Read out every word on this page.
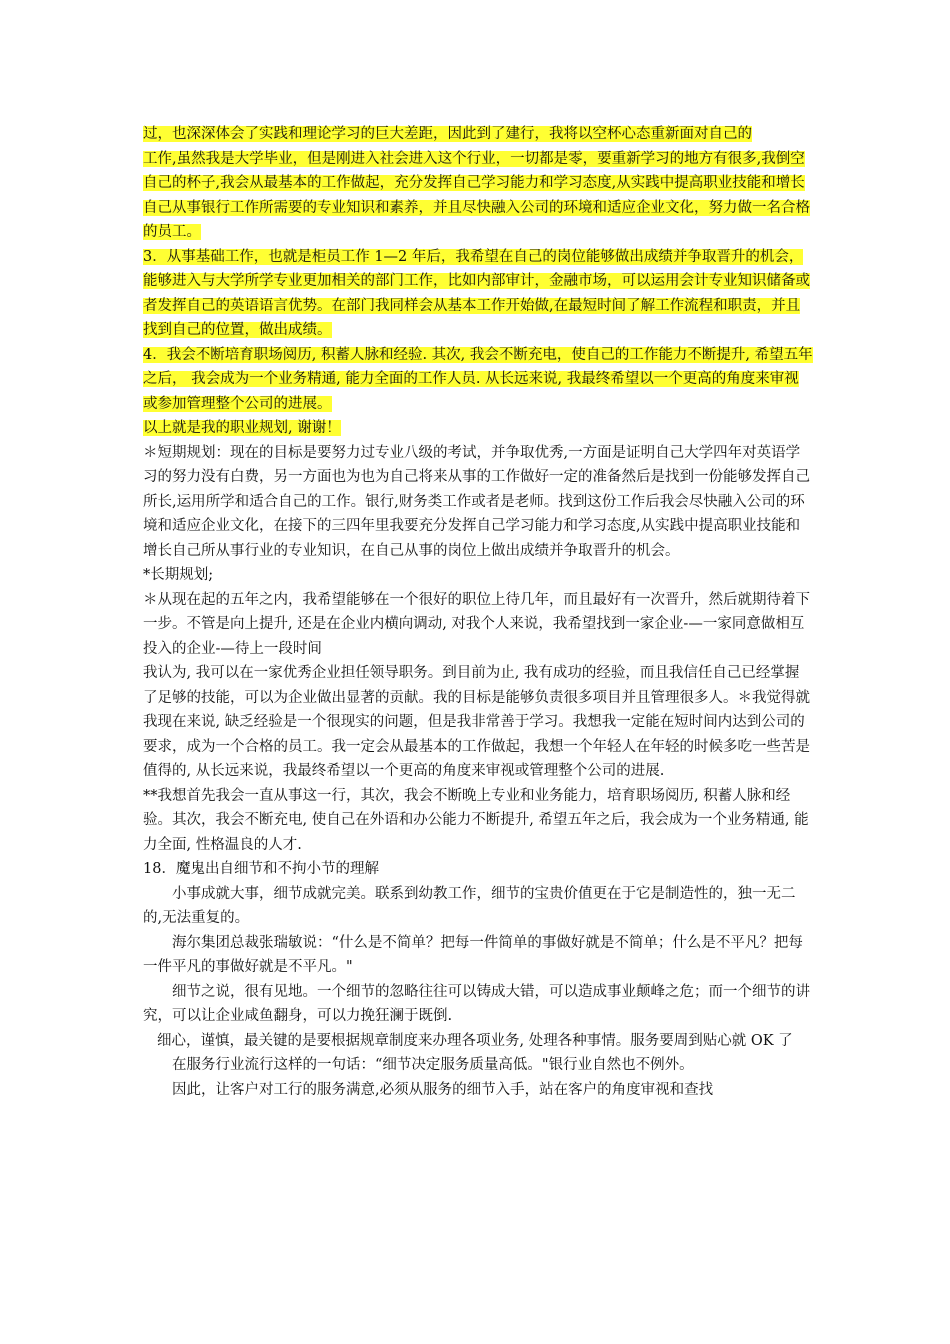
过，也深深体会了实践和理论学习的巨大差距，因此到了建行，我将以空杯心态重新面对自己的

工作,虽然我是大学毕业，但是刚进入社会进入这个行业，一切都是零，要重新学习的地方有很多,我倒空自己的杯子,我会从最基本的工作做起，充分发挥自己学习能力和学习态度,从实践中提高职业技能和增长自己从事银行工作所需要的专业知识和素养，并且尽快融入公司的环境和适应企业文化，努力做一名合格的员工。

3．从事基础工作，也就是柜员工作 1—2 年后，我希望在自己的岗位能够做出成绩并争取晋升的机会，能够进入与大学所学专业更加相关的部门工作，比如内部审计，金融市场，可以运用会计专业知识储备或者发挥自己的英语语言优势。在部门我同样会从基本工作开始做,在最短时间了解工作流程和职责，并且找到自己的位置，做出成绩。

4．我会不断培育职场阅历, 积蓄人脉和经验. 其次, 我会不断充电，使自己的工作能力不断提升, 希望五年之后， 我会成为一个业务精通, 能力全面的工作人员. 从长远来说, 我最终希望以一个更高的角度来审视或参加管理整个公司的进展。

以上就是我的职业规划, 谢谢！

＊短期规划：现在的目标是要努力过专业八级的考试，并争取优秀,一方面是证明自己大学四年对英语学习的努力没有白费，另一方面也为也为自己将来从事的工作做好一定的准备然后是找到一份能够发挥自己所长,运用所学和适合自己的工作。银行,财务类工作或者是老师。找到这份工作后我会尽快融入公司的环境和适应企业文化，在接下的三四年里我要充分发挥自己学习能力和学习态度,从实践中提高职业技能和增长自己所从事行业的专业知识，在自己从事的岗位上做出成绩并争取晋升的机会。

*长期规划;

＊从现在起的五年之内，我希望能够在一个很好的职位上待几年，而且最好有一次晋升，然后就期待着下一步。不管是向上提升, 还是在企业内横向调动, 对我个人来说，我希望找到一家企业-—一家同意做相互投入的企业-—待上一段时间

我认为, 我可以在一家优秀企业担任领导职务。到目前为止, 我有成功的经验，而且我信任自己已经掌握了足够的技能，可以为企业做出显著的贡献。我的目标是能够负责很多项目并且管理很多人。＊我觉得就我现在来说, 缺乏经验是一个很现实的问题，但是我非常善于学习。我想我一定能在短时间内达到公司的要求，成为一个合格的员工。我一定会从最基本的工作做起，我想一个年轻人在年轻的时候多吃一些苦是值得的, 从长远来说，我最终希望以一个更高的角度来审视或管理整个公司的进展.

**我想首先我会一直从事这一行，其次，我会不断晚上专业和业务能力，培育职场阅历, 积蓄人脉和经验。其次，我会不断充电, 使自己在外语和办公能力不断提升, 希望五年之后，我会成为一个业务精通, 能力全面, 性格温良的人才.

18．魔鬼出自细节和不拘小节的理解

小事成就大事，细节成就完美。联系到幼教工作，细节的宝贵价值更在于它是制造性的，独一无二的,无法重复的。

海尔集团总裁张瑞敏说：“什么是不简单？把每一件简单的事做好就是不简单；什么是不平凡？把每一件平凡的事做好就是不平凡。"

细节之说，很有见地。一个细节的忽略往往可以铸成大错，可以造成事业颠峰之危；而一个细节的讲究，可以让企业咸鱼翻身，可以力挽狂澜于既倒.

细心，谨慎，最关键的是要根据规章制度来办理各项业务, 处理各种事情。服务要周到贴心就 OK 了

在服务行业流行这样的一句话：“细节决定服务质量高低。"银行业自然也不例外。

因此，让客户对工行的服务满意,必须从服务的细节入手，站在客户的角度审视和查找
